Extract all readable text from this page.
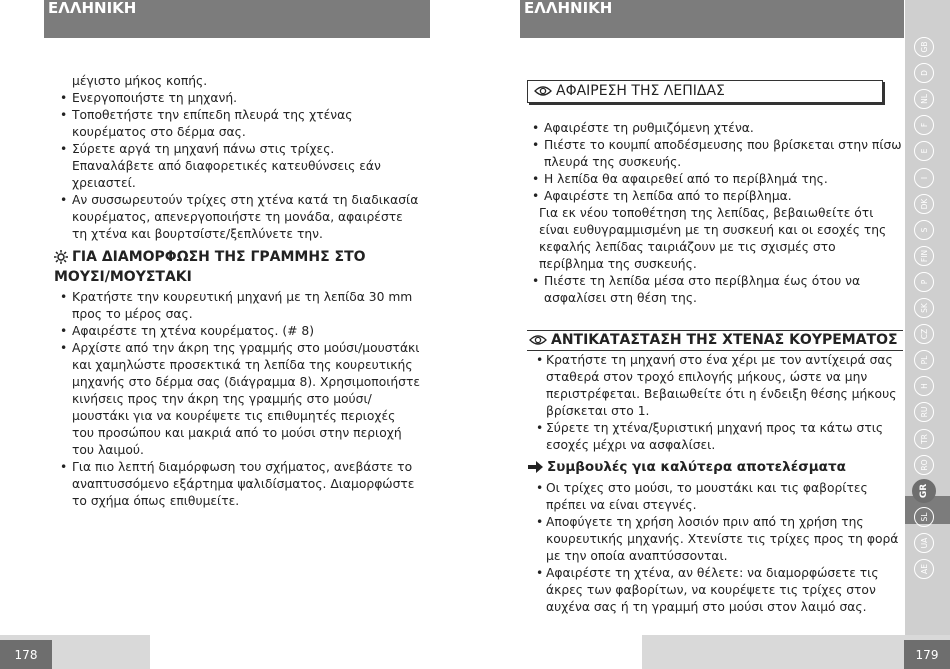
ΕΛΛΗΝΙΚΗ	ΕΛΛΗΝΙΚΗ

μέγιστο μήκος κοπής.

• Ενεργοποιήστε τη μηχανή.

• Τοποθετήστε την επίπεδη πλευρά της χτένας κουρέματος στο δέρμα σας.

• Σύρετε αργά τη μηχανή πάνω στις τρίχες. Επαναλάβετε από διαφορετικές κατευθύνσεις εάν χρειαστεί.

• Αν συσσωρευτούν τρίχες στη χτένα κατά τη διαδικασία κουρέματος, απενεργοποιήστε τη μονάδα, αφαιρέστε τη χτένα και βουρτσίστε/ξεπλύνετε την.

ΓΙΑ ΔΙΑΜΟΡΦΩΣΗ ΤΗΣ ΓΡΑΜΜΗΣ ΣΤΟ ΜΟΥΣΙ/ΜΟΥΣΤΑΚΙ

• Κρατήστε την κουρευτική μηχανή με τη λεπίδα 30 mm προς το μέρος σας.

• Αφαιρέστε τη χτένα κουρέματος. (# 8)

• Αρχίστε από την άκρη της γραμμής στο μούσι/μουστάκι και χαμηλώστε προσεκτικά τη λεπίδα της κουρευτικής μηχανής στο δέρμα σας (διάγραμμα 8). Χρησιμοποιήστε κινήσεις προς την άκρη της γραμμής στο μούσι/μουστάκι για να κουρέψετε τις επιθυμητές περιοχές του προσώπου και μακριά από το μούσι στην περιοχή του λαιμού.

• Για πιο λεπτή διαμόρφωση του σχήματος, ανεβάστε το αναπτυσσόμενο εξάρτημα ψαλιδίσματος. Διαμορφώστε το σχήμα όπως επιθυμείτε.

ΑΦΑΙΡΕΣΗ ΤΗΣ ΛΕΠΙΔΑΣ

• Αφαιρέστε τη ρυθμιζόμενη χτένα.

• Πιέστε το κουμπί αποδέσμευσης που βρίσκεται στην πίσω πλευρά της συσκευής.

• Η λεπίδα θα αφαιρεθεί από το περίβλημά της.

• Αφαιρέστε τη λεπίδα από το περίβλημα.

Για εκ νέου τοποθέτηση της λεπίδας, βεβαιωθείτε ότι είναι ευθυγραμμισμένη με τη συσκευή και οι εσοχές της κεφαλής λεπίδας ταιριάζουν με τις σχισμές στο περίβλημα της συσκευής.

• Πιέστε τη λεπίδα μέσα στο περίβλημα έως ότου να ασφαλίσει στη θέση της.

ΑΝΤΙΚΑΤΑΣΤΑΣΗ ΤΗΣ ΧΤΕΝΑΣ ΚΟΥΡΕΜΑΤΟΣ

• Κρατήστε τη μηχανή στο ένα χέρι με τον αντίχειρά σας σταθερά στον τροχό επιλογής μήκους, ώστε να μην περιστρέφεται. Βεβαιωθείτε ότι η ένδειξη θέσης μήκους βρίσκεται στο 1.

• Σύρετε τη χτένα/ξυριστική μηχανή προς τα κάτω στις εσοχές μέχρι να ασφαλίσει.

Συμβουλές για καλύτερα αποτελέσματα

• Οι τρίχες στο μούσι, το μουστάκι και τις φαβορίτες πρέπει να είναι στεγνές.

• Αποφύγετε τη χρήση λοσιόν πριν από τη χρήση της κουρευτικής μηχανής. Χτενίστε τις τρίχες προς τη φορά με την οποία αναπτύσσονται.

• Αφαιρέστε τη χτένα, αν θέλετε: να διαμορφώσετε τις άκρες των φαβορίτων, να κουρέψετε τις τρίχες στον αυχένα σας ή τη γραμμή στο μούσι στον λαιμό σας.

GB
D
NL
F
E
I
DK
S
FIN
P
SK
CZ
PL
H
RU
TR
RO
GR
SL
UA
AE
178	179
